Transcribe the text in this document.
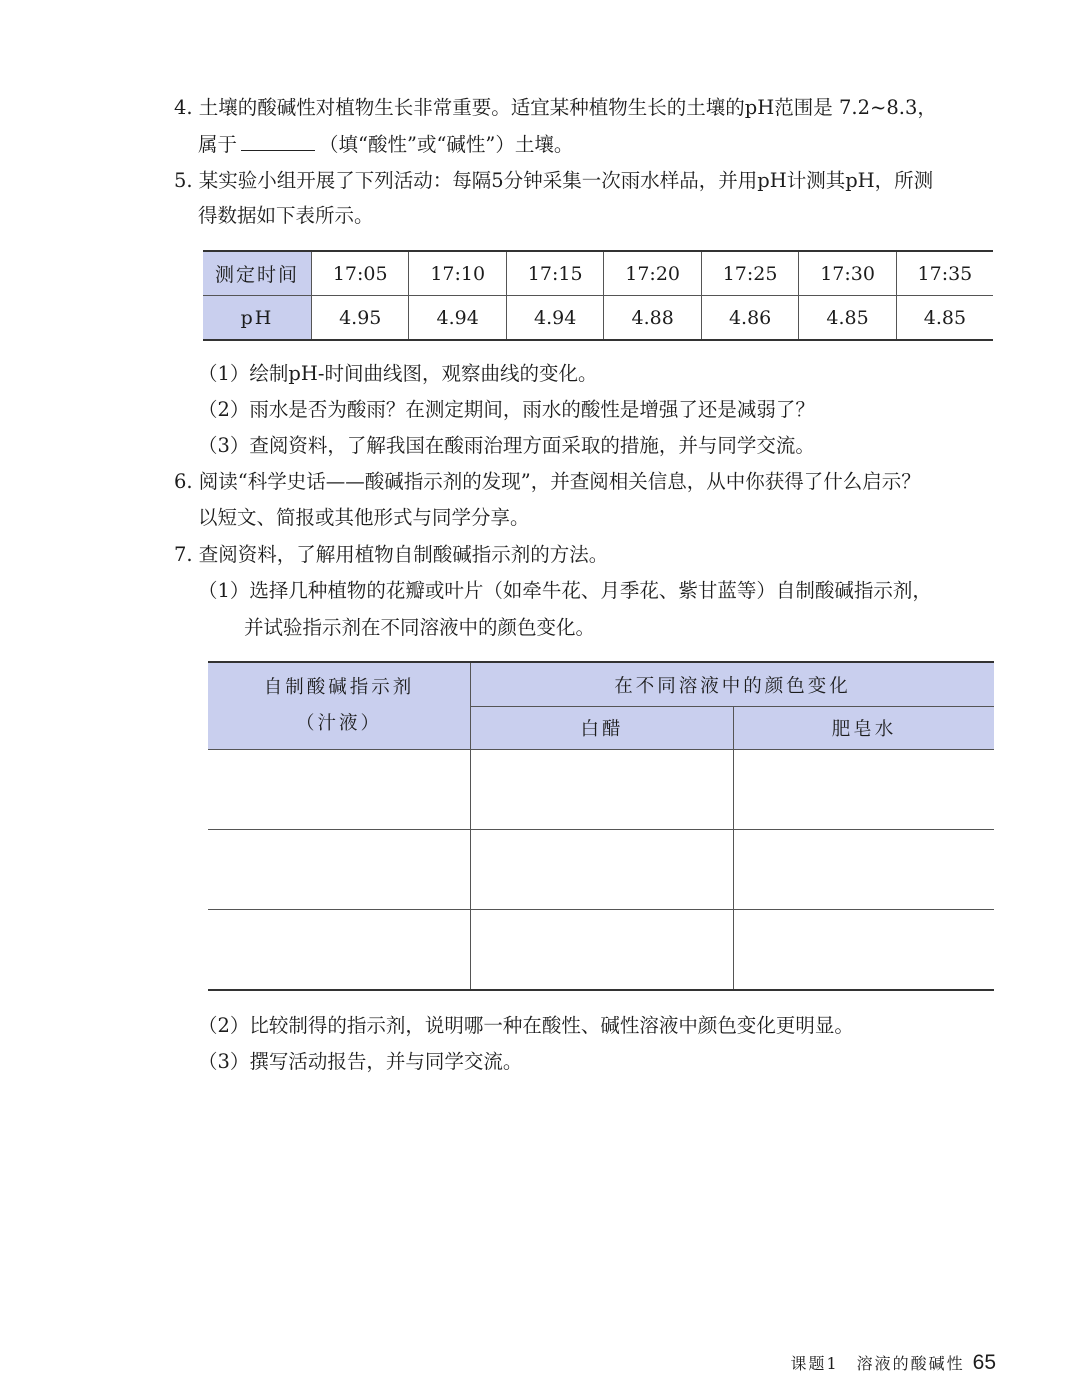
4. 土壤的酸碱性对植物生长非常重要。适宜某种植物生长的土壤的pH范围是 7.2~8.3，
属于	（填“酸性”或“碱性”）土壤。
5. 某实验小组开展了下列活动：每隔5分钟采集一次雨水样品，并用pH计测其pH，所测
得数据如下表所示。
测定时间	17:05	17:10	17:15	17:20	17:25	17:30	17:35
pH	4.95	4.94	4.94	4.88	4.86	4.85	4.85
（1）绘制pH-时间曲线图，观察曲线的变化。
（2）雨水是否为酸雨？在测定期间，雨水的酸性是增强了还是减弱了？
（3）查阅资料，了解我国在酸雨治理方面采取的措施，并与同学交流。
6. 阅读“科学史话——酸碱指示剂的发现”，并查阅相关信息，从中你获得了什么启示？
以短文、简报或其他形式与同学分享。
7. 查阅资料，了解用植物自制酸碱指示剂的方法。
（1）选择几种植物的花瓣或叶片（如牵牛花、月季花、紫甘蓝等）自制酸碱指示剂，
并试验指示剂在不同溶液中的颜色变化。
自制酸碱指示剂
（汁液）	在不同溶液中的颜色变化	
	白醋	肥皂水

（2）比较制得的指示剂，说明哪一种在酸性、碱性溶液中颜色变化更明显。
（3）撰写活动报告，并与同学交流。
课题1　溶液的酸碱性 65
